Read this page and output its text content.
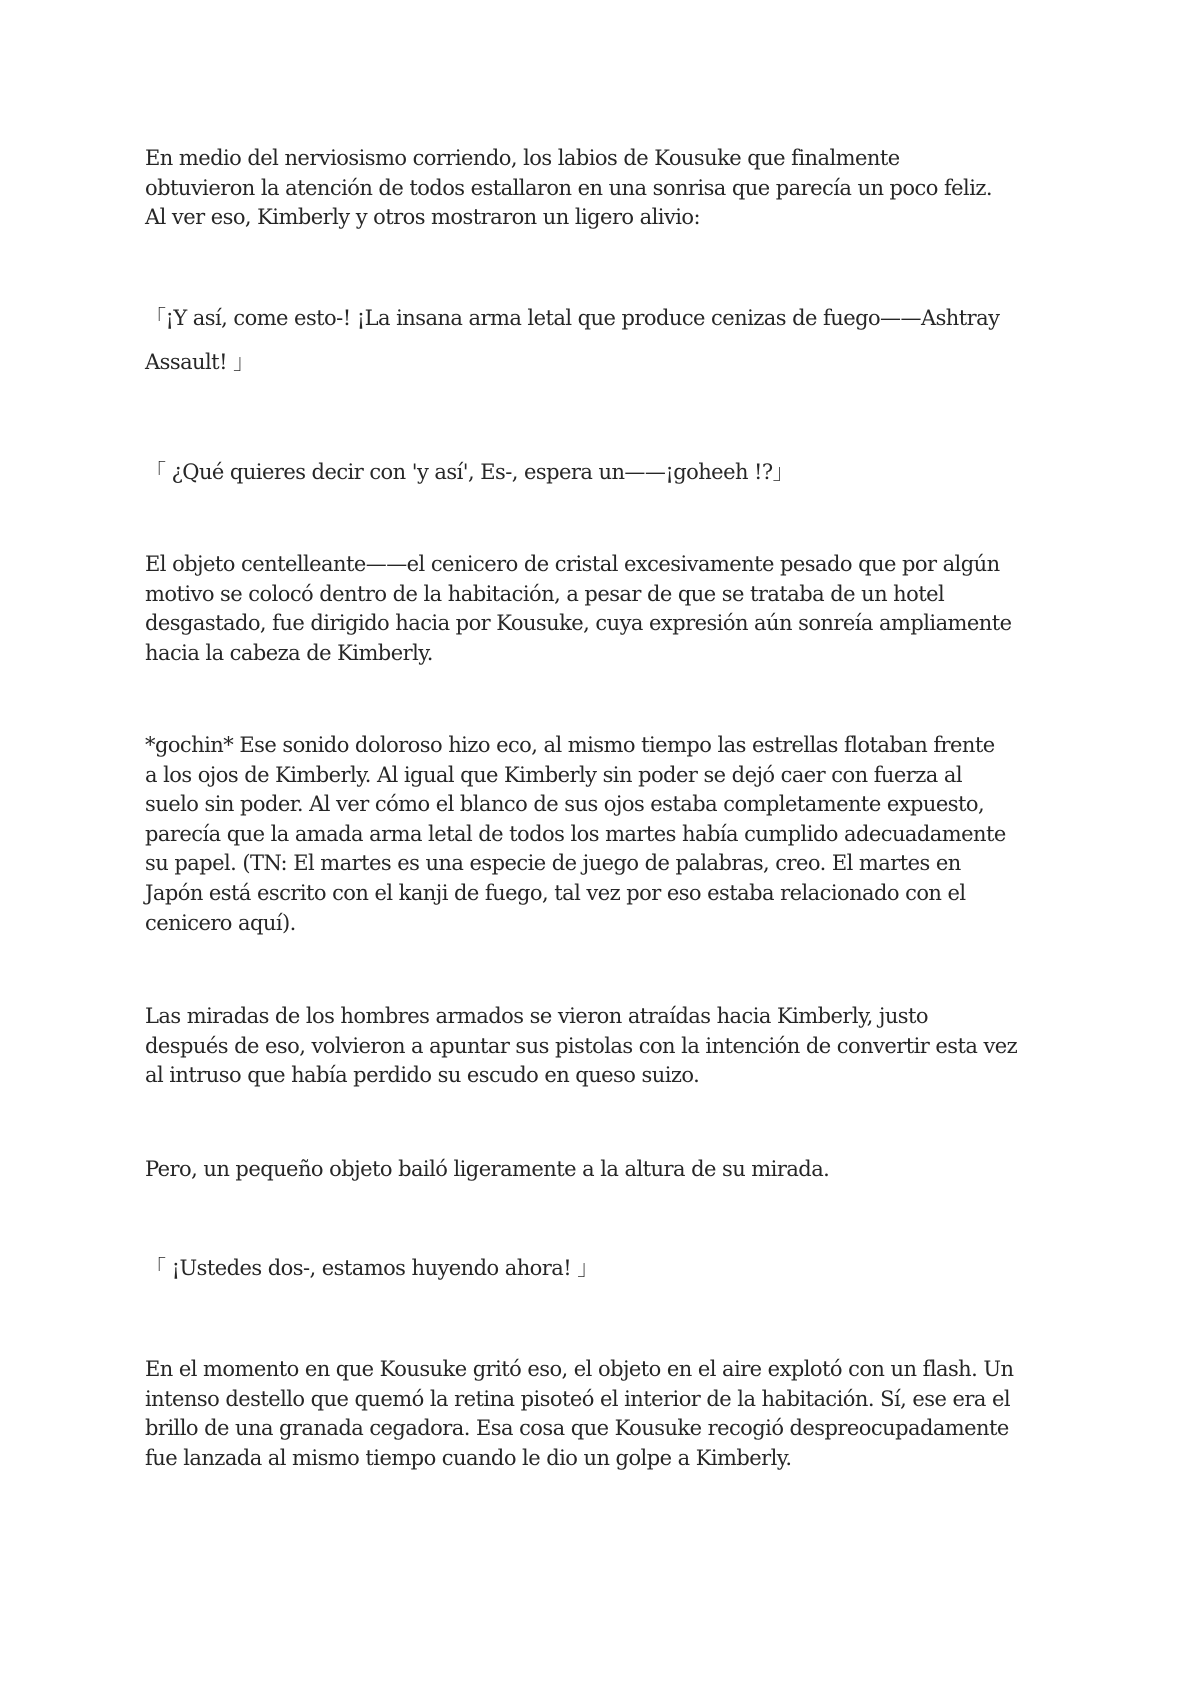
En medio del nerviosismo corriendo, los labios de Kousuke que finalmente
obtuvieron la atención de todos estallaron en una sonrisa que parecía un poco feliz.
Al ver eso, Kimberly y otros mostraron un ligero alivio:

「¡Y así, come esto-! ¡La insana arma letal que produce cenizas de fuego——Ashtray
Assault! 」

「 ¿Qué quieres decir con 'y así', Es-, espera un——¡goheeh !?」

El objeto centelleante——el cenicero de cristal excesivamente pesado que por algún
motivo se colocó dentro de la habitación, a pesar de que se trataba de un hotel
desgastado, fue dirigido hacia por Kousuke, cuya expresión aún sonreía ampliamente
hacia la cabeza de Kimberly.

*gochin* Ese sonido doloroso hizo eco, al mismo tiempo las estrellas flotaban frente
a los ojos de Kimberly. Al igual que Kimberly sin poder se dejó caer con fuerza al
suelo sin poder. Al ver cómo el blanco de sus ojos estaba completamente expuesto,
parecía que la amada arma letal de todos los martes había cumplido adecuadamente
su papel. (TN: El martes es una especie de juego de palabras, creo. El martes en
Japón está escrito con el kanji de fuego, tal vez por eso estaba relacionado con el
cenicero aquí).

Las miradas de los hombres armados se vieron atraídas hacia Kimberly, justo
después de eso, volvieron a apuntar sus pistolas con la intención de convertir esta vez
al intruso que había perdido su escudo en queso suizo.

Pero, un pequeño objeto bailó ligeramente a la altura de su mirada.

「 ¡Ustedes dos-, estamos huyendo ahora! 」

En el momento en que Kousuke gritó eso, el objeto en el aire explotó con un flash. Un
intenso destello que quemó la retina pisoteó el interior de la habitación. Sí, ese era el
brillo de una granada cegadora. Esa cosa que Kousuke recogió despreocupadamente
fue lanzada al mismo tiempo cuando le dio un golpe a Kimberly.
